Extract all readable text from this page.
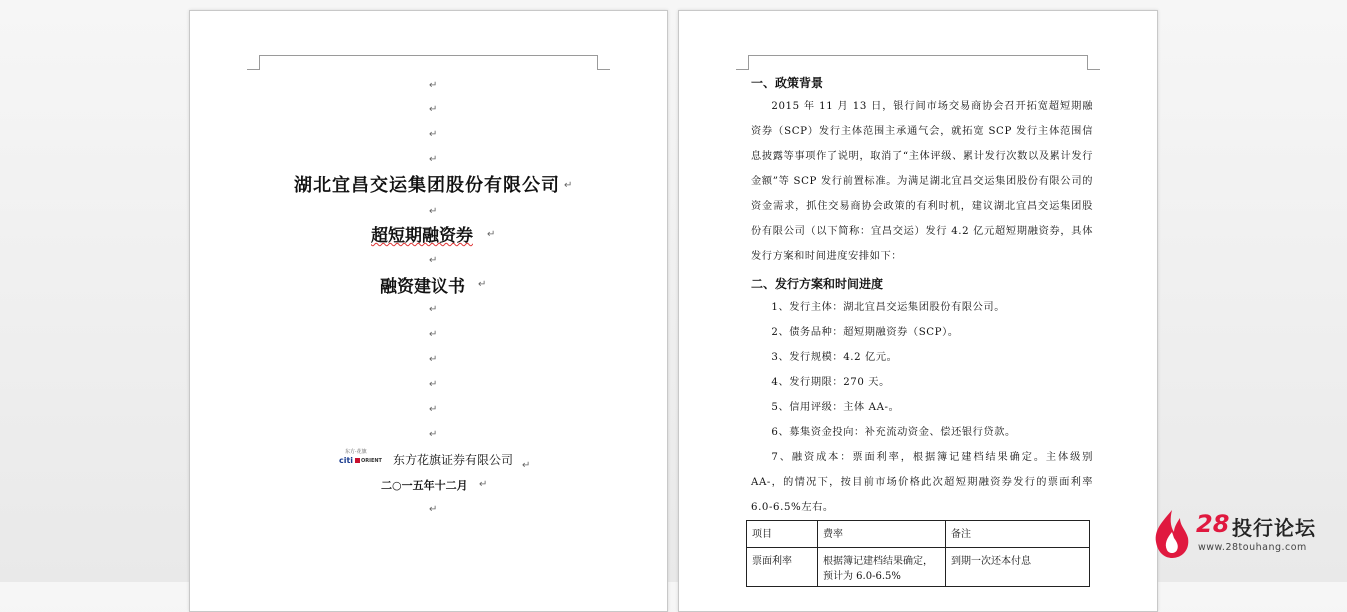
↵
↵
↵
↵
湖北宜昌交运集团股份有限公司 ↵
↵
超短期融资券 ↵
↵
融资建议书 ↵
↵
↵
↵
↵
↵
↵
东方·花旗
citi ORIENT 东方花旗证券有限公司 ↵
二○一五年十二月 ↵
↵
一、政策背景
2015 年 11 月 13 日，银行间市场交易商协会召开拓宽超短期融资券（SCP）发行主体范围主承通气会，就拓宽 SCP 发行主体范围信息披露等事项作了说明，取消了“主体评级、累计发行次数以及累计发行金额”等 SCP 发行前置标准。为满足湖北宜昌交运集团股份有限公司的资金需求，抓住交易商协会政策的有利时机，建议湖北宜昌交运集团股份有限公司（以下简称：宜昌交运）发行 4.2 亿元超短期融资券，具体发行方案和时间进度安排如下：
二、发行方案和时间进度
1、发行主体：湖北宜昌交运集团股份有限公司。
2、债务品种：超短期融资券（SCP）。
3、发行规模：4.2 亿元。
4、发行期限：270 天。
5、信用评级：主体 AA-。
6、募集资金投向：补充流动资金、偿还银行贷款。
7、融资成本：票面利率，根据簿记建档结果确定。主体级别 AA-，的情况下，按目前市场价格此次超短期融资券发行的票面利率6.0-6.5%左右。
项目	费率	备注
票面利率	根据簿记建档结果确定，预计为 6.0-6.5%	到期一次还本付息
28 投行论坛
www.28touhang.com
